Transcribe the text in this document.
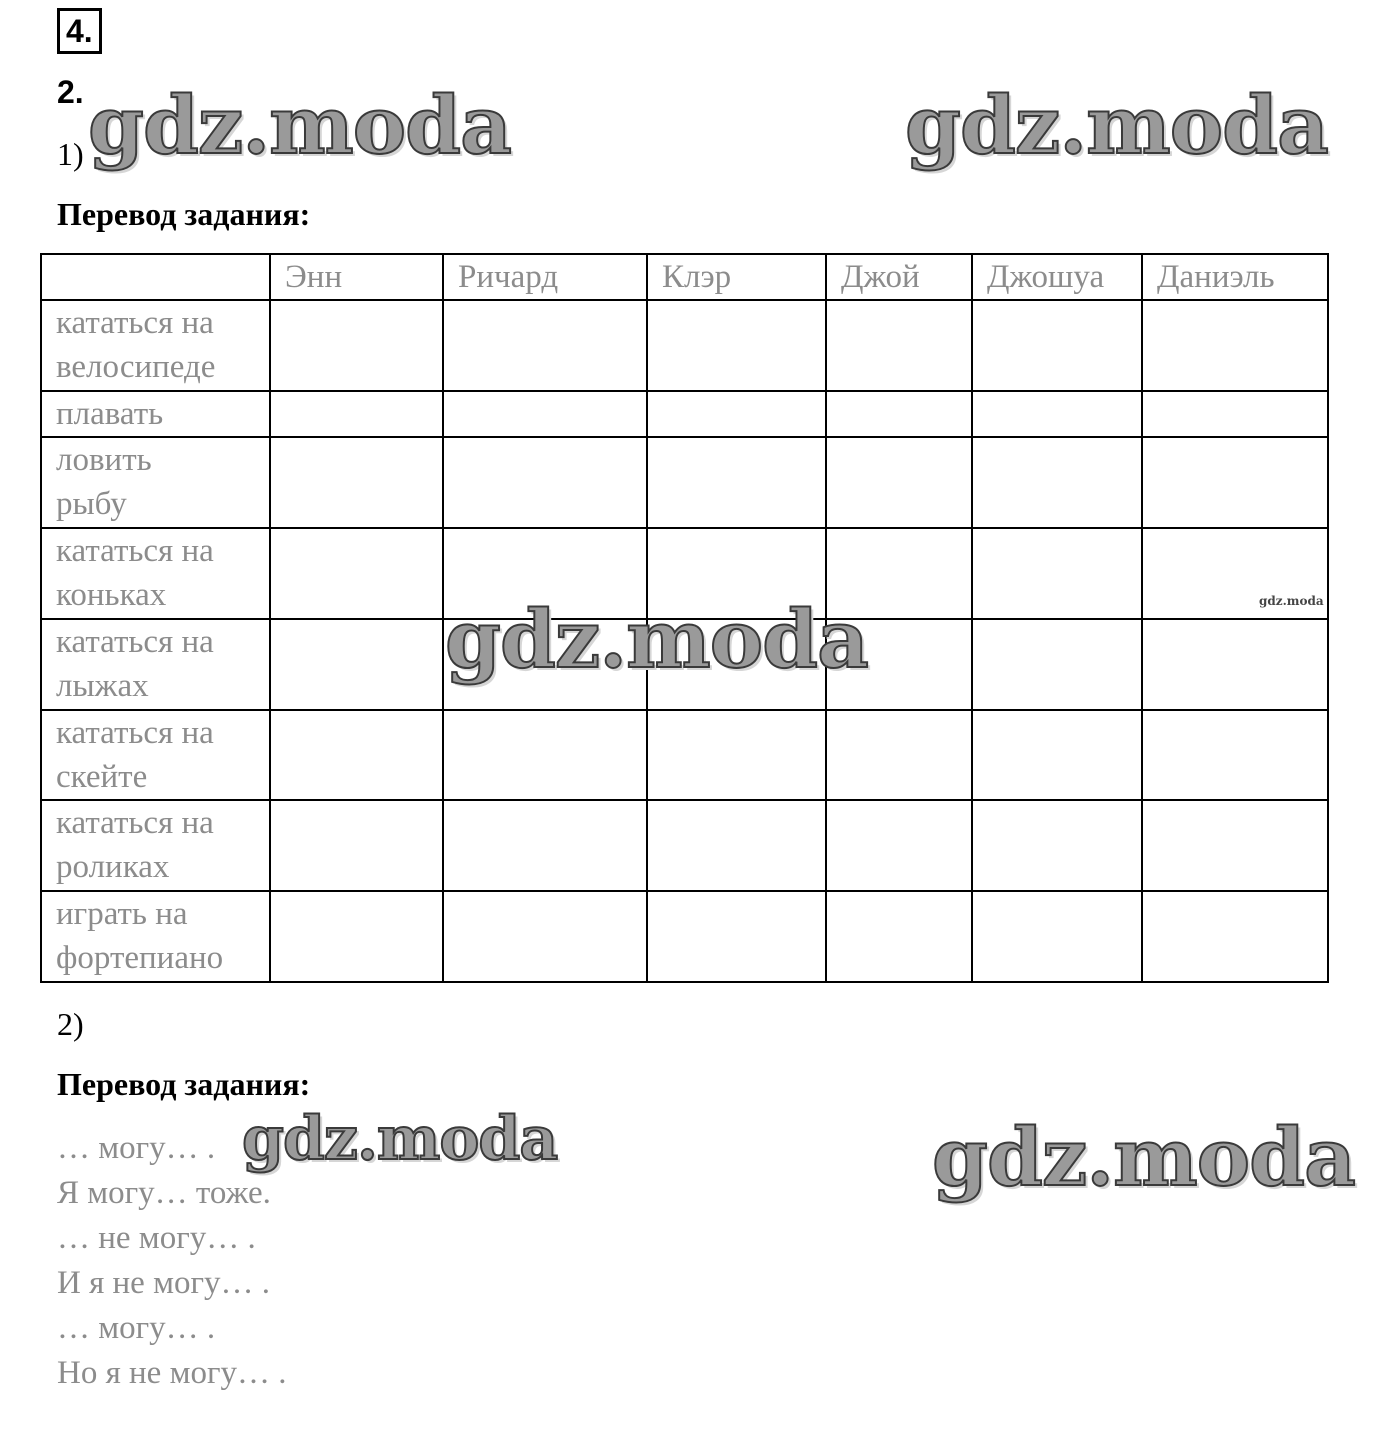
4.
2.
1)
Перевод задания:
	Энн	Ричард	Клэр	Джой	Джошуа	Даниэль

кататься на
велосипеде						

плавать						

ловить
рыбу						

кататься на
коньках						

кататься на
лыжах						

кататься на
скейте						

кататься на
роликах						

играть на
фортепиано						

2)
Перевод задания:
… могу… .
Я могу… тоже.
… не могу… .
И я не могу… .
… могу… .
Но я не могу… .
gdz.moda	gdz.moda
gdz.moda	gdz.moda
gdz.moda	gdz.moda
